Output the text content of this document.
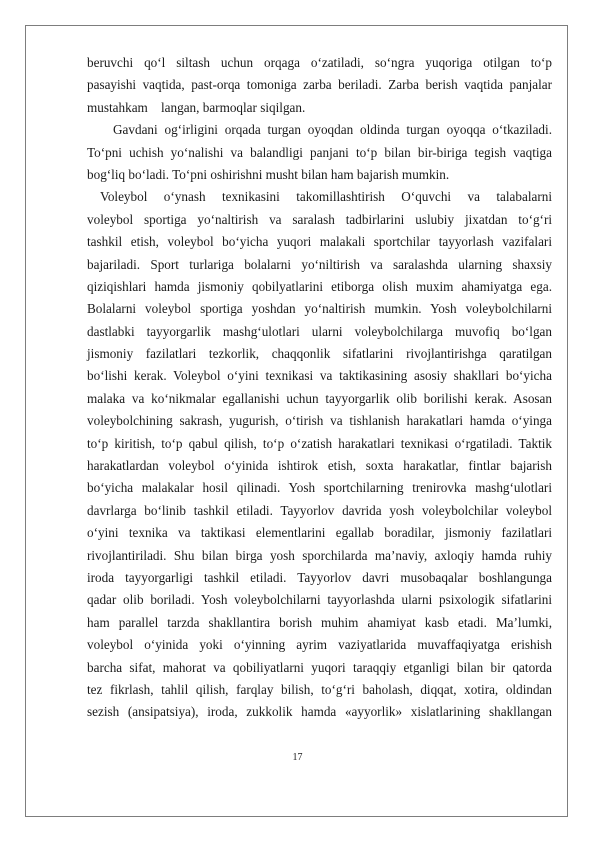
beruvchi qo‘l siltash uchun orqaga o‘zatiladi, so‘ngra yuqoriga otilgan to‘p
pasayishi vaqtida, past-orqa tomoniga zarba beriladi. Zarba berish vaqtida panjalar
mustahkam    langan, barmoqlar siqilgan.
Gavdani og‘irligini orqada turgan oyoqdan oldinda turgan oyoqqa o‘tkaziladi.
To‘pni uchish yo‘nalishi va balandligi panjani to‘p bilan bir-biriga tegish vaqtiga
bog‘liq bo‘ladi. To‘pni oshirishni musht bilan ham bajarish mumkin.
Voleybol o‘ynash texnikasini takomillashtirish O‘quvchi va talabalarni
voleybol sportiga yo‘naltirish va saralash tadbirlarini uslubiy jixatdan to‘g‘ri
tashkil etish, voleybol bo‘yicha yuqori malakali sportchilar tayyorlash vazifalari
bajariladi. Sport turlariga bolalarni yo‘niltirish va saralashda ularning shaxsiy
qiziqishlari hamda jismoniy qobilyatlarini etiborga olish muxim ahamiyatga ega.
Bolalarni voleybol sportiga yoshdan yo‘naltirish mumkin. Yosh voleybolchilarni
dastlabki tayyorgarlik mashg‘ulotlari ularni voleybolchilarga muvofiq bo‘lgan
jismoniy fazilatlari tezkorlik, chaqqonlik sifatlarini rivojlantirishga qaratilgan
bo‘lishi kerak. Voleybol o‘yini texnikasi va taktikasining asosiy shakllari bo‘yicha
malaka va ko‘nikmalar egallanishi uchun tayyorgarlik olib borilishi kerak. Asosan
voleybolchining sakrash, yugurish, o‘tirish va tishlanish harakatlari hamda o‘yinga
to‘p kiritish, to‘p qabul qilish, to‘p o‘zatish harakatlari texnikasi o‘rgatiladi. Taktik
harakatlardan voleybol o‘yinida ishtirok etish, soxta harakatlar, fintlar bajarish
bo‘yicha malakalar hosil qilinadi. Yosh sportchilarning trenirovka mashg‘ulotlari
davrlarga bo‘linib tashkil etiladi. Tayyorlov davrida yosh voleybolchilar voleybol
o‘yini texnika va taktikasi elementlarini egallab boradilar, jismoniy fazilatlari
rivojlantiriladi. Shu bilan birga yosh sporchilarda ma’naviy, axloqiy hamda ruhiy
iroda tayyorgarligi tashkil etiladi. Tayyorlov davri musobaqalar boshlangunga
qadar olib boriladi. Yosh voleybolchilarni tayyorlashda ularni psixologik sifatlarini
ham parallel tarzda shakllantira borish muhim ahamiyat kasb etadi. Ma’lumki,
voleybol o‘yinida yoki o‘yinning ayrim vaziyatlarida muvaffaqiyatga erishish
barcha sifat, mahorat va qobiliyatlarni yuqori taraqqiy etganligi bilan bir qatorda
tez fikrlash, tahlil qilish, farqlay bilish, to‘g‘ri baholash, diqqat, xotira, oldindan
sezish (ansipatsiya), iroda, zukkolik hamda «ayyorlik» xislatlarining shakllangan
17
